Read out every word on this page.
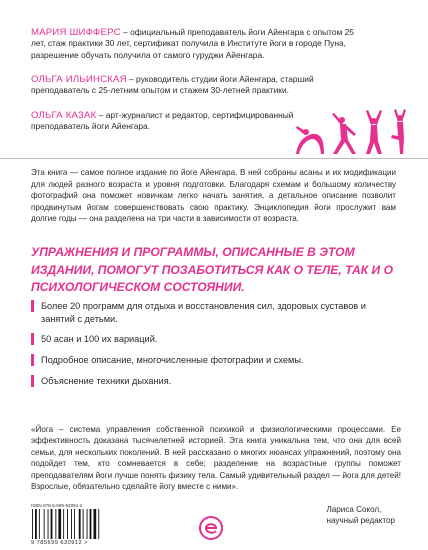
МАРИЯ ШИФФЕРС – официальный преподаватель йоги Айенгара с опытом 25 лет, стаж практики 30 лет, сертификат получила в Институте йоги в городе Пуна, разрешение обучать получила от самого гуруджи Айенгара.
ОЛЬГА ИЛЬИНСКАЯ – руководитель студии йоги Айенгара, старший преподаватель с 25-летним опытом и стажем 30-летней практики.
ОЛЬГА КАЗАК – арт-журналист и редактор, сертифицированный преподаватель йоги Айенгара.
Эта книга — самое полное издание по йоге Айенгара. В ней собраны асаны и их модификации для людей разного возраста и уровня подготовки. Благодаря схемам и большому количеству фотографий она поможет новичкам легко начать занятия, а детальное описание позволит продвинутым йогам совершенствовать свою практику. Энциклопедия йоги прослужит вам долгие годы — она разделена на три части в зависимости от возраста.
УПРАЖНЕНИЯ И ПРОГРАММЫ, ОПИСАННЫЕ В ЭТОМ ИЗДАНИИ, ПОМОГУТ ПОЗАБОТИТЬСЯ КАК О ТЕЛЕ, ТАК И О ПСИХОЛОГИЧЕСКОМ СОСТОЯНИИ.
Более 20 программ для отдыха и восстановления сил, здоровых суставов и занятий с детьми.
50 асан и 100 их вариаций.
Подробное описание, многочисленные фотографии и схемы.
Объяснение техники дыхания.
«Йога – система управления собственной психикой и физиологическими процессами. Ее эффективность доказана тысячелетней историей. Эта книга уникальна тем, что она для всей семьи, для нескольких поколений. В ней рассказано о многих нюансах упражнений, поэтому она подойдет тем, кто сомневается в себе; разделение на возрастные группы поможет преподавателям йоги лучше понять физику тела. Самый удивительный раздел — йога для детей! Взрослые, обязательно сделайте йогу вместе с ними».
Лариса Сокол,
научный редактор
ISBN 978-5-699-63091-2
9 785699 630912 >
